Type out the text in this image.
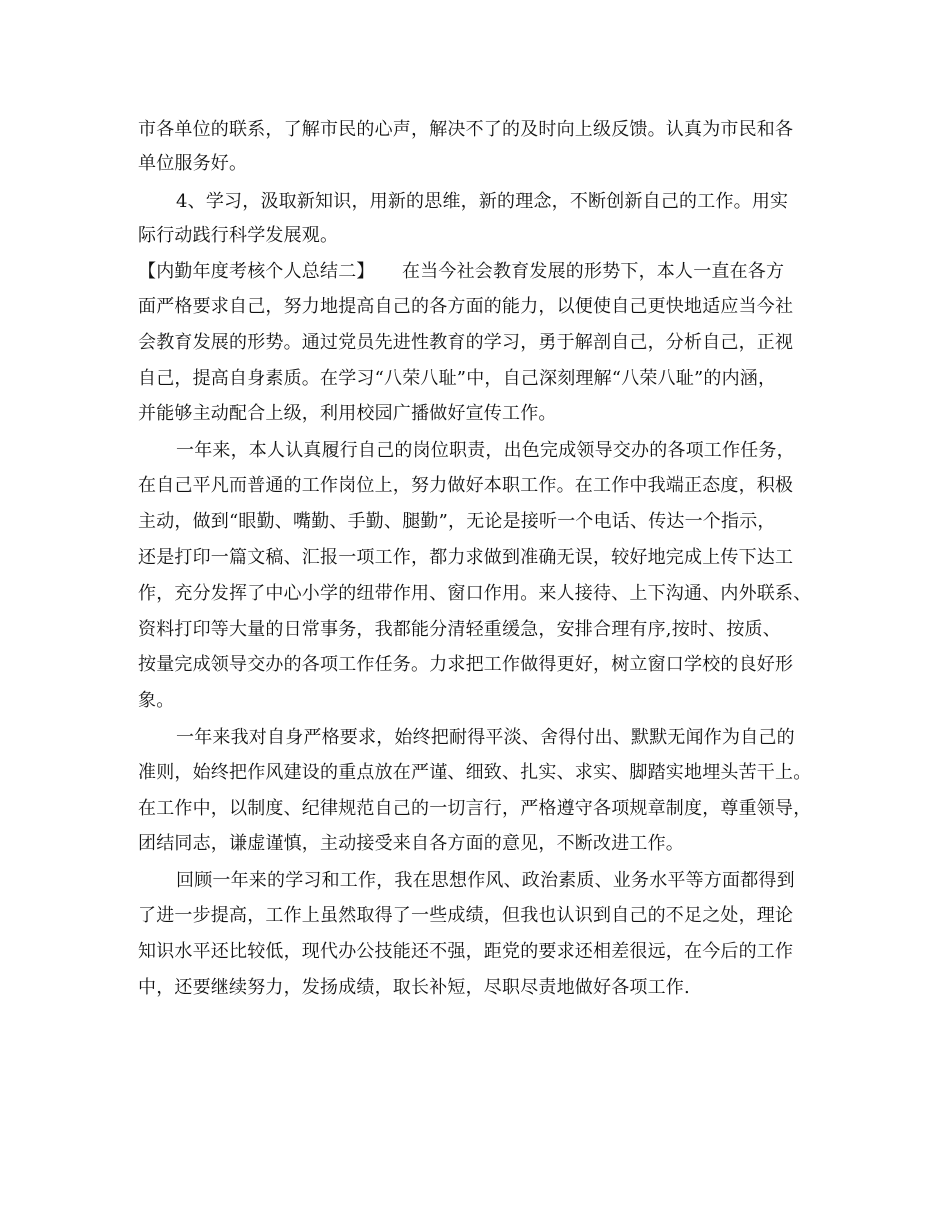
市各单位的联系，了解市民的心声，解决不了的及时向上级反馈。认真为市民和各
单位服务好。
4、学习，汲取新知识，用新的思维，新的理念，不断创新自己的工作。用实
际行动践行科学发展观。
【内勤年度考核个人总结二】　　在当今社会教育发展的形势下，本人一直在各方
面严格要求自己，努力地提高自己的各方面的能力，以便使自己更快地适应当今社
会教育发展的形势。通过党员先进性教育的学习，勇于解剖自己，分析自己，正视
自己，提高自身素质。在学习“八荣八耻”中，自己深刻理解“八荣八耻”的内涵，
并能够主动配合上级，利用校园广播做好宣传工作。
一年来，本人认真履行自己的岗位职责，出色完成领导交办的各项工作任务，
在自己平凡而普通的工作岗位上，努力做好本职工作。在工作中我端正态度，积极
主动，做到“眼勤、嘴勤、手勤、腿勤”，无论是接听一个电话、传达一个指示，
还是打印一篇文稿、汇报一项工作，都力求做到准确无误，较好地完成上传下达工
作，充分发挥了中心小学的纽带作用、窗口作用。来人接待、上下沟通、内外联系、
资料打印等大量的日常事务，我都能分清轻重缓急，安排合理有序,按时、按质、
按量完成领导交办的各项工作任务。力求把工作做得更好，树立窗口学校的良好形
象。
一年来我对自身严格要求，始终把耐得平淡、舍得付出、默默无闻作为自己的
准则，始终把作风建设的重点放在严谨、细致、扎实、求实、脚踏实地埋头苦干上。
在工作中，以制度、纪律规范自己的一切言行，严格遵守各项规章制度，尊重领导，
团结同志，谦虚谨慎，主动接受来自各方面的意见，不断改进工作。
回顾一年来的学习和工作，我在思想作风、政治素质、业务水平等方面都得到
了进一步提高，工作上虽然取得了一些成绩，但我也认识到自己的不足之处，理论
知识水平还比较低，现代办公技能还不强，距党的要求还相差很远，在今后的工作
中，还要继续努力，发扬成绩，取长补短，尽职尽责地做好各项工作.
